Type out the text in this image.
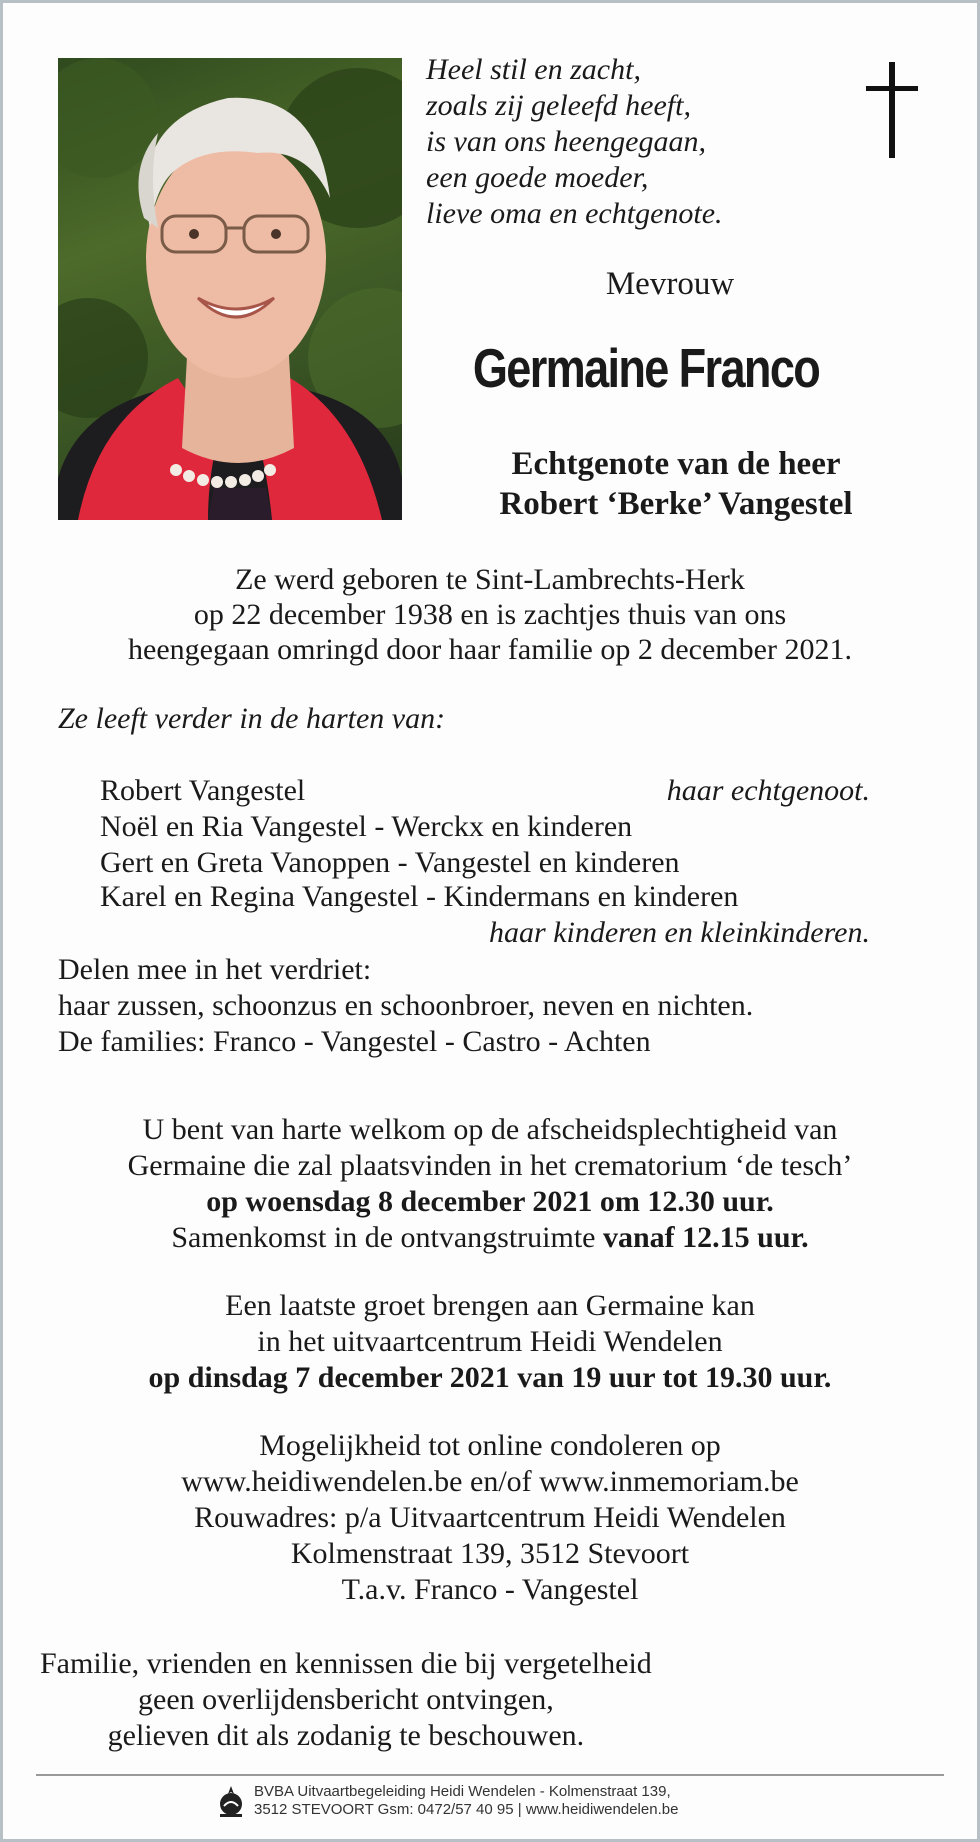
Heel stil en zacht,
zoals zij geleefd heeft,
is van ons heengegaan,
een goede moeder,
lieve oma en echtgenote.
Mevrouw
Germaine Franco
Echtgenote van de heer
Robert ‘Berke’ Vangestel
Ze werd geboren te Sint-Lambrechts-Herk
op 22 december 1938 en is zachtjes thuis van ons
heengegaan omringd door haar familie op 2 december 2021.
Ze leeft verder in de harten van:
Robert Vangestel	haar echtgenoot.
Noël en Ria Vangestel - Werckx en kinderen
Gert en Greta Vanoppen - Vangestel en kinderen
Karel en Regina Vangestel - Kindermans en kinderen
haar kinderen en kleinkinderen.
Delen mee in het verdriet:
haar zussen, schoonzus en schoonbroer, neven en nichten.
De families: Franco - Vangestel - Castro - Achten
U bent van harte welkom op de afscheidsplechtigheid van
Germaine die zal plaatsvinden in het crematorium ‘de tesch’
op woensdag 8 december 2021 om 12.30 uur.
Samenkomst in de ontvangstruimte vanaf 12.15 uur.
Een laatste groet brengen aan Germaine kan
in het uitvaartcentrum Heidi Wendelen
op dinsdag 7 december 2021 van 19 uur tot 19.30 uur.
Mogelijkheid tot online condoleren op
www.heidiwendelen.be en/of www.inmemoriam.be
Rouwadres: p/a Uitvaartcentrum Heidi Wendelen
Kolmenstraat 139, 3512 Stevoort
T.a.v. Franco - Vangestel
Familie, vrienden en kennissen die bij vergetelheid
geen overlijdensbericht ontvingen,
gelieven dit als zodanig te beschouwen.
BVBA Uitvaartbegeleiding Heidi Wendelen - Kolmenstraat 139,
3512 STEVOORT Gsm: 0472/57 40 95 | www.heidiwendelen.be
